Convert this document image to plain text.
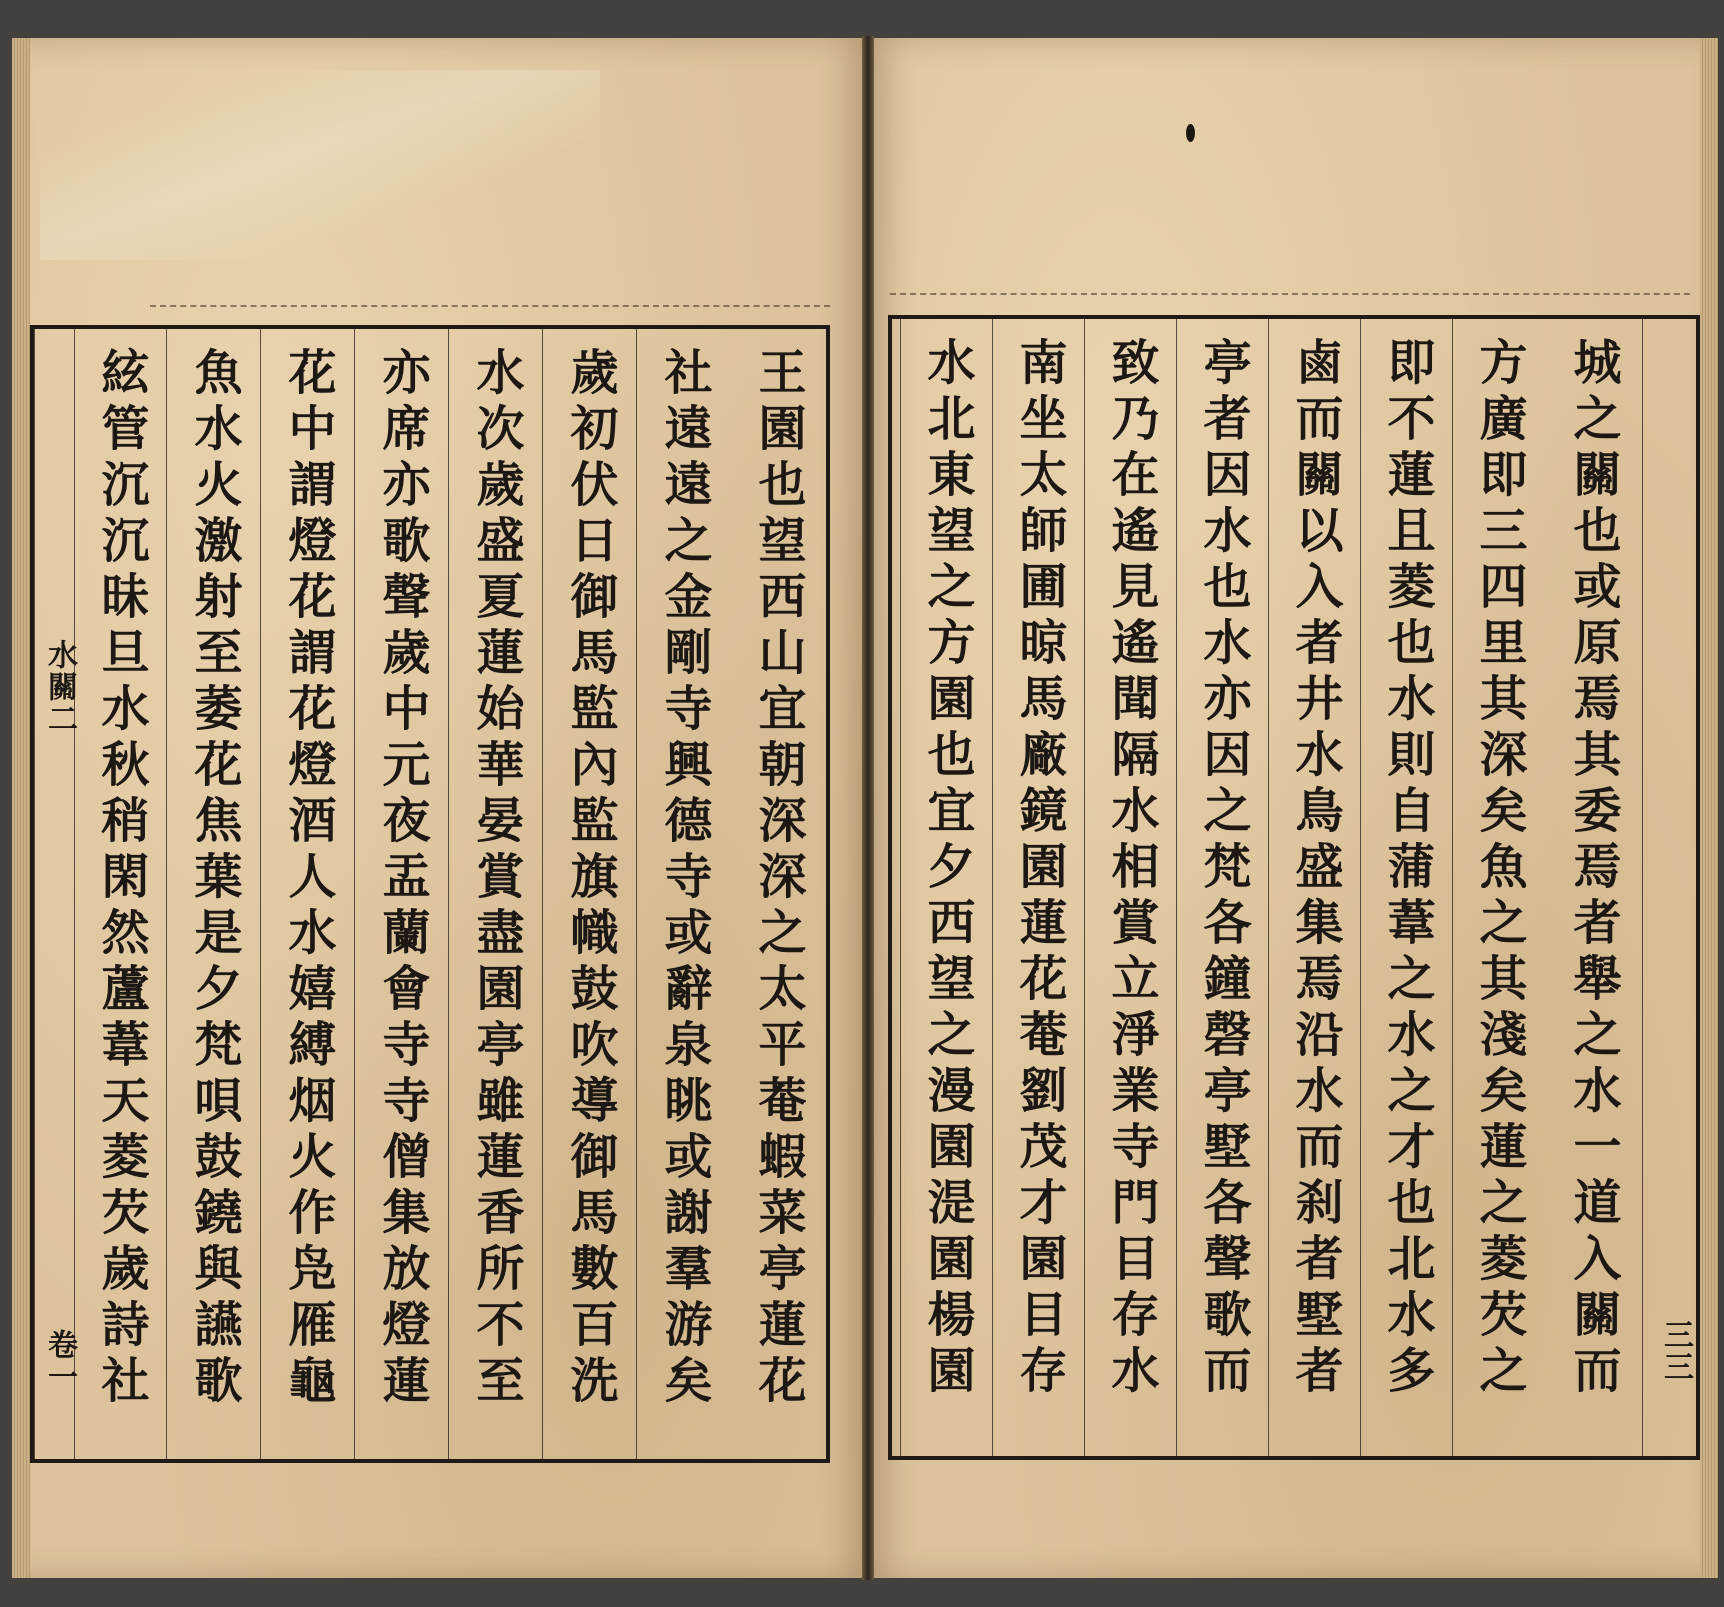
王園也望西山宜朝深深之太平菴蝦菜亭蓮花
社遠遠之金剛寺興德寺或辭泉眺或謝羣游矣
歲初伏日御馬監內監旗幟鼓吹導御馬數百洗
水次歲盛夏蓮始華晏賞盡園亭雖蓮香所不至
亦席亦歌聲歲中元夜盂蘭會寺寺僧集放燈蓮
花中謂燈花謂花燈酒人水嬉縛烟火作凫雁龜
魚水火激射至萎花焦葉是夕梵唄鼓鐃與讌歌
絃管沉沉昧旦水秋稍閑然蘆葦天菱芡歲詩社
水關二
卷一	城之關也或原焉其委焉者舉之水一道入關而
方廣即三四里其深矣魚之其淺矣蓮之菱芡之
即不蓮且菱也水則自蒲葦之水之才也北水多
鹵而關以入者井水鳥盛集焉沿水而刹者墅者
亭者因水也水亦因之梵各鐘磬亭墅各聲歌而
致乃在遙見遙聞隔水相賞立淨業寺門目存水
南坐太師圃晾馬廠鏡園蓮花菴劉茂才園目存
水北東望之方園也宜夕西望之漫園湜園楊園	三三
